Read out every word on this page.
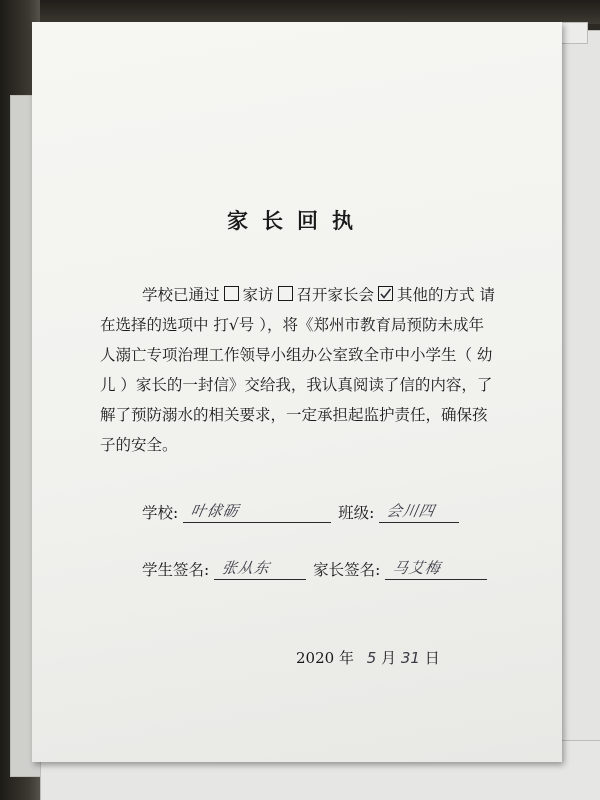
家长回执

学校已通过 家访 召开家长会 其他的方式 请
在选择的选项中 打√号 ），将《郑州市教育局预防未成年
人溺亡专项治理工作领导小组办公室致全市中小学生（ 幼
儿 ）家长的一封信》交给我，我认真阅读了信的内容，了
解了预防溺水的相关要求，一定承担起监护责任，确保孩
子的安全。

学校: 叶俅砺	班级: 会川四
学生签名: 张从东	家长签名: 马艾梅
2020 年 5 月 31 日
